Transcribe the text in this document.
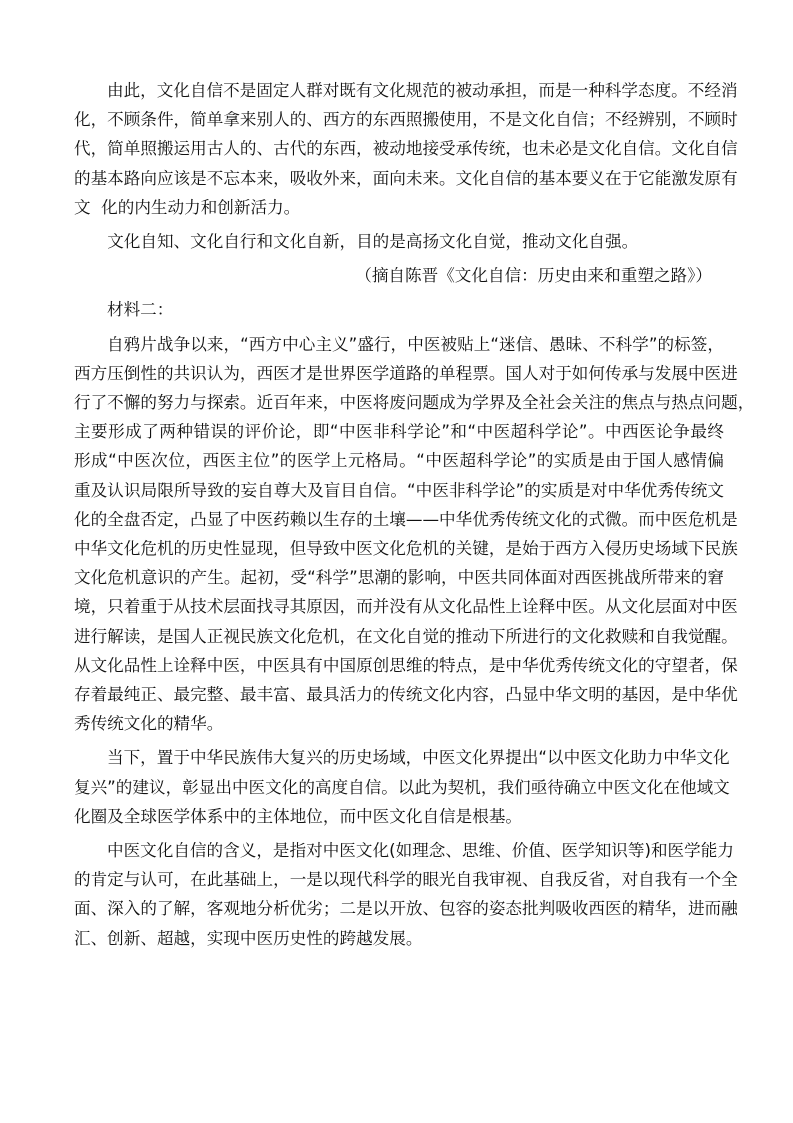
由此，文化自信不是固定人群对既有文化规范的被动承担，而是一种科学态度。不经消
化，不顾条件，简单拿来别人的、西方的东西照搬使用，不是文化自信；不经辨别，不顾时
代，简单照搬运用古人的、古代的东西，被动地接受承传统，也未必是文化自信。文化自信
的基本路向应该是不忘本来，吸收外来，面向未来。文化自信的基本要义在于它能激发原有
文  化的内生动力和创新活力。

文化自知、文化自行和文化自新，目的是高扬文化自觉，推动文化自强。

（摘自陈晋《文化自信：历史由来和重塑之路》）

材料二：

自鸦片战争以来，“西方中心主义”盛行，中医被贴上“迷信、愚昧、不科学”的标签，
西方压倒性的共识认为，西医才是世界医学道路的单程票。国人对于如何传承与发展中医进
行了不懈的努力与探索。近百年来，中医将废问题成为学界及全社会关注的焦点与热点问题，
主要形成了两种错误的评价论，即“中医非科学论”和“中医超科学论”。中西医论争最终
形成“中医次位，西医主位”的医学上元格局。“中医超科学论”的实质是由于国人感情偏
重及认识局限所导致的妄自尊大及盲目自信。“中医非科学论”的实质是对中华优秀传统文
化的全盘否定，凸显了中医药赖以生存的土壤——中华优秀传统文化的式微。而中医危机是
中华文化危机的历史性显现，但导致中医文化危机的关键，是始于西方入侵历史场域下民族
文化危机意识的产生。起初，受“科学”思潮的影响，中医共同体面对西医挑战所带来的窘
境，只着重于从技术层面找寻其原因，而并没有从文化品性上诠释中医。从文化层面对中医
进行解读，是国人正视民族文化危机，在文化自觉的推动下所进行的文化救赎和自我觉醒。
从文化品性上诠释中医，中医具有中国原创思维的特点，是中华优秀传统文化的守望者，保
存着最纯正、最完整、最丰富、最具活力的传统文化内容，凸显中华文明的基因，是中华优
秀传统文化的精华。

当下，置于中华民族伟大复兴的历史场域，中医文化界提出“以中医文化助力中华文化
复兴”的建议，彰显出中医文化的高度自信。以此为契机，我们亟待确立中医文化在他域文
化圈及全球医学体系中的主体地位，而中医文化自信是根基。

中医文化自信的含义，是指对中医文化(如理念、思维、价值、医学知识等)和医学能力
的肯定与认可，在此基础上，一是以现代科学的眼光自我审视、自我反省，对自我有一个全
面、深入的了解，客观地分析优劣；二是以开放、包容的姿态批判吸收西医的精华，进而融
汇、创新、超越，实现中医历史性的跨越发展。
